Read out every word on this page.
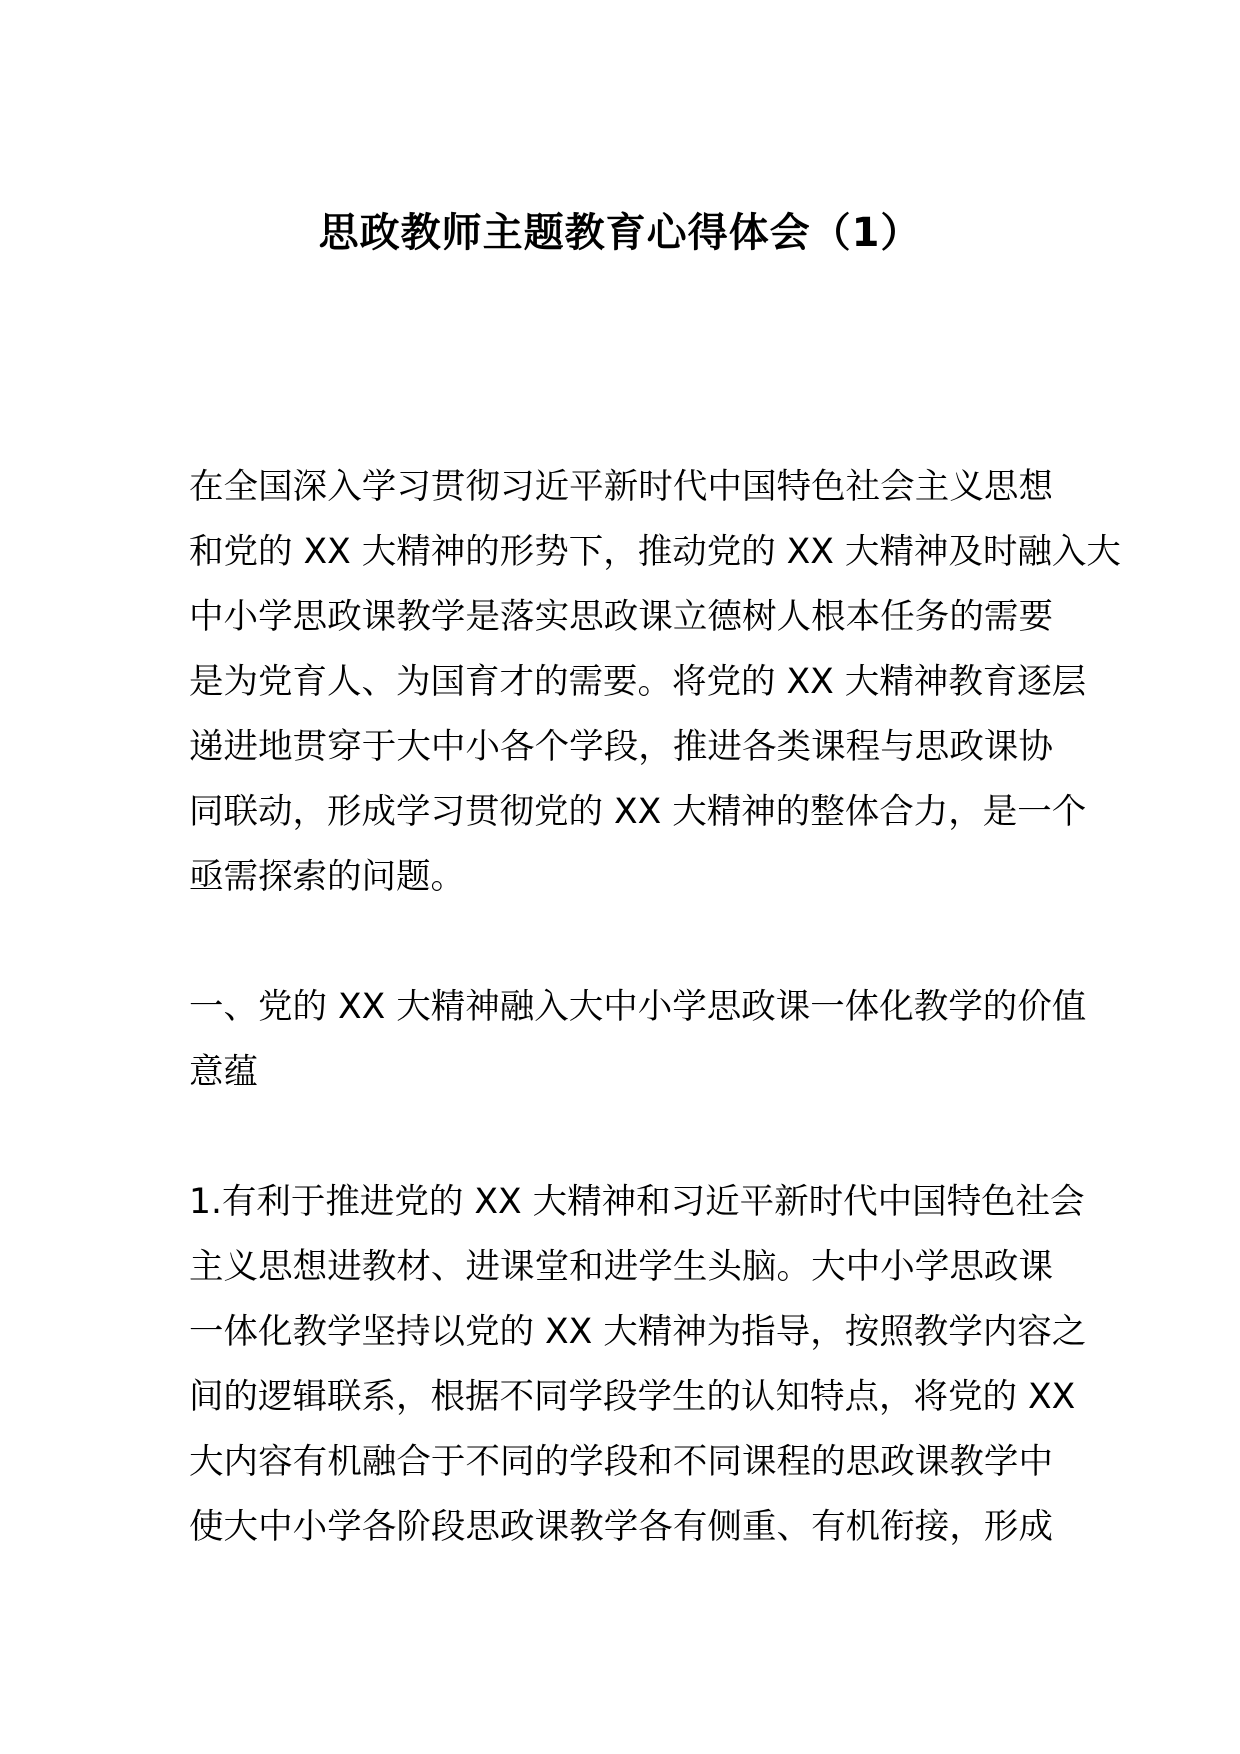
思政教师主题教育心得体会（1）
在全国深入学习贯彻习近平新时代中国特色社会主义思想
和党的 XX 大精神的形势下，推动党的 XX 大精神及时融入大
中小学思政课教学是落实思政课立德树人根本任务的需要
是为党育人、为国育才的需要。将党的 XX 大精神教育逐层
递进地贯穿于大中小各个学段，推进各类课程与思政课协
同联动，形成学习贯彻党的 XX 大精神的整体合力，是一个
亟需探索的问题。
一、党的 XX 大精神融入大中小学思政课一体化教学的价值
意蕴
1.有利于推进党的 XX 大精神和习近平新时代中国特色社会
主义思想进教材、进课堂和进学生头脑。大中小学思政课
一体化教学坚持以党的 XX 大精神为指导，按照教学内容之
间的逻辑联系，根据不同学段学生的认知特点，将党的 XX
大内容有机融合于不同的学段和不同课程的思政课教学中
使大中小学各阶段思政课教学各有侧重、有机衔接，形成
